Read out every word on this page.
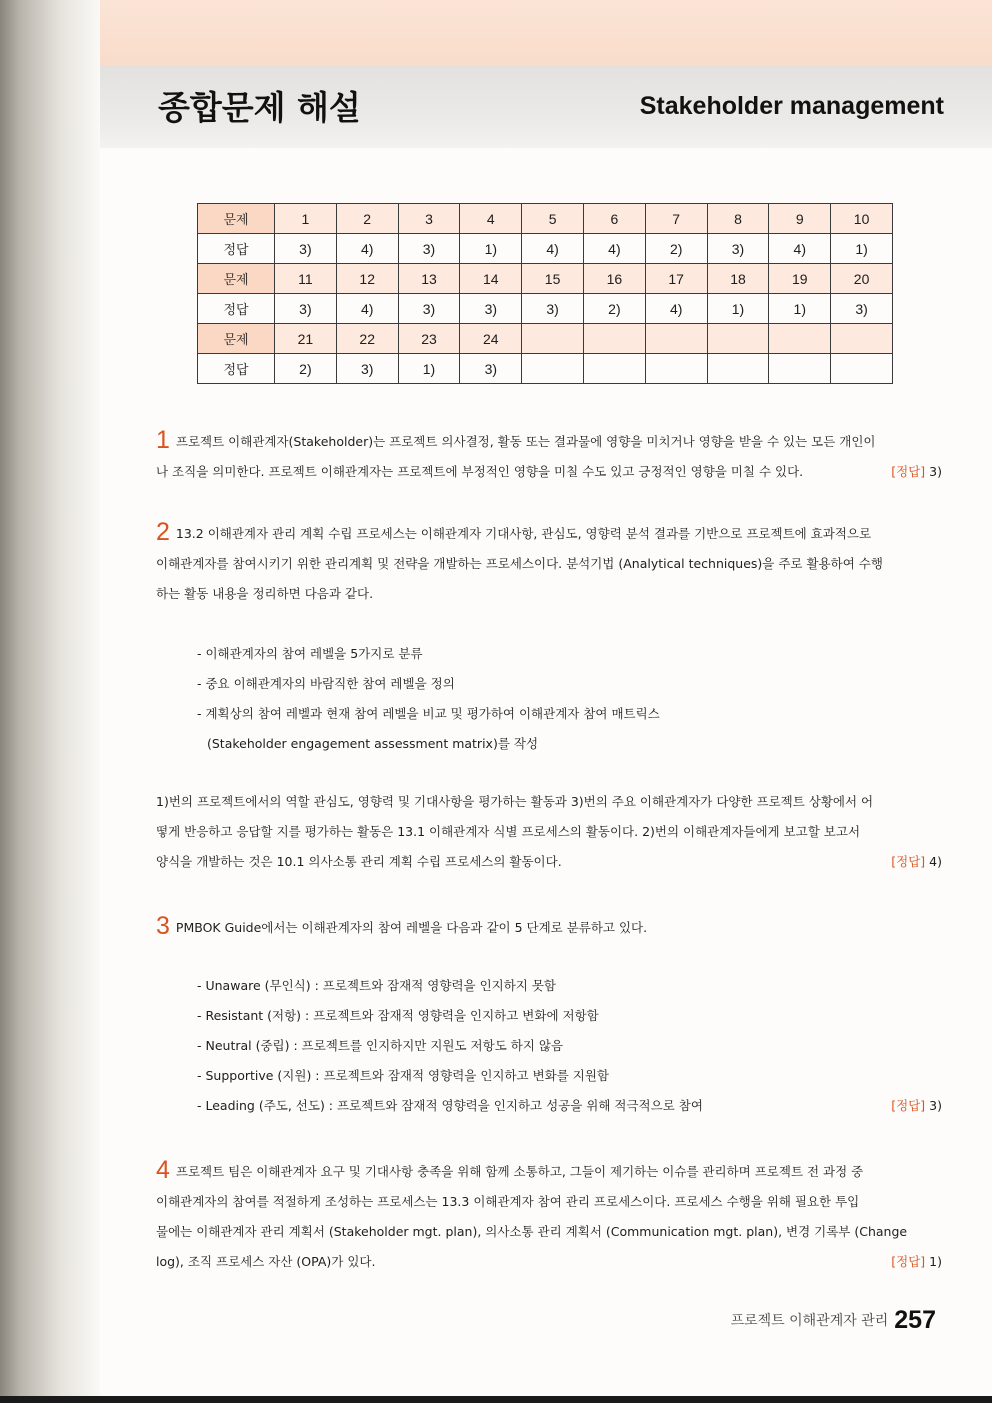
종합문제 해설	Stakeholder management
문제	1	2	3	4	5	6	7	8	9	10
정답	3)	4)	3)	1)	4)	4)	2)	3)	4)	1)
문제	11	12	13	14	15	16	17	18	19	20
정답	3)	4)	3)	3)	3)	2)	4)	1)	1)	3)
문제	21	22	23	24						
정답	2)	3)	1)	3)						
1 프로젝트 이해관계자(Stakeholder)는 프로젝트 의사결정, 활동 또는 결과물에 영향을 미치거나 영향을 받을 수 있는 모든 개인이
나 조직을 의미한다. 프로젝트 이해관계자는 프로젝트에 부정적인 영향을 미칠 수도 있고 긍정적인 영향을 미칠 수 있다.	[정답] 3)
2 13.2 이해관계자 관리 계획 수립 프로세스는 이해관계자 기대사항, 관심도, 영향력 분석 결과를 기반으로 프로젝트에 효과적으로
이해관계자를 참여시키기 위한 관리계획 및 전략을 개발하는 프로세스이다. 분석기법 (Analytical techniques)을 주로 활용하여 수행
하는 활동 내용을 정리하면 다음과 같다.
- 이해관계자의 참여 레벨을 5가지로 분류
- 중요 이해관계자의 바람직한 참여 레벨을 정의
- 계획상의 참여 레벨과 현재 참여 레벨을 비교 및 평가하여 이해관계자 참여 매트릭스
(Stakeholder engagement assessment matrix)를 작성
1)번의 프로젝트에서의 역할 관심도, 영향력 및 기대사항을 평가하는 활동과 3)번의 주요 이해관계자가 다양한 프로젝트 상황에서 어
떻게 반응하고 응답할 지를 평가하는 활동은 13.1 이해관계자 식별 프로세스의 활동이다. 2)번의 이해관계자들에게 보고할 보고서
양식을 개발하는 것은 10.1 의사소통 관리 계획 수립 프로세스의 활동이다.	[정답] 4)
3 PMBOK Guide에서는 이해관계자의 참여 레벨을 다음과 같이 5 단계로 분류하고 있다.
- Unaware (무인식) : 프로젝트와 잠재적 영향력을 인지하지 못함
- Resistant (저항) : 프로젝트와 잠재적 영향력을 인지하고 변화에 저항함
- Neutral (중립) : 프로젝트를 인지하지만 지원도 저항도 하지 않음
- Supportive (지원) : 프로젝트와 잠재적 영향력을 인지하고 변화를 지원함
- Leading (주도, 선도) : 프로젝트와 잠재적 영향력을 인지하고 성공을 위해 적극적으로 참여	[정답] 3)
4 프로젝트 팀은 이해관계자 요구 및 기대사항 충족을 위해 함께 소통하고, 그들이 제기하는 이슈를 관리하며 프로젝트 전 과정 중
이해관계자의 참여를 적절하게 조성하는 프로세스는 13.3 이해관계자 참여 관리 프로세스이다. 프로세스 수행을 위해 필요한 투입
물에는 이해관계자 관리 계획서 (Stakeholder mgt. plan), 의사소통 관리 계획서 (Communication mgt. plan), 변경 기록부 (Change
log), 조직 프로세스 자산 (OPA)가 있다.	[정답] 1)
프로젝트 이해관계자 관리 257
